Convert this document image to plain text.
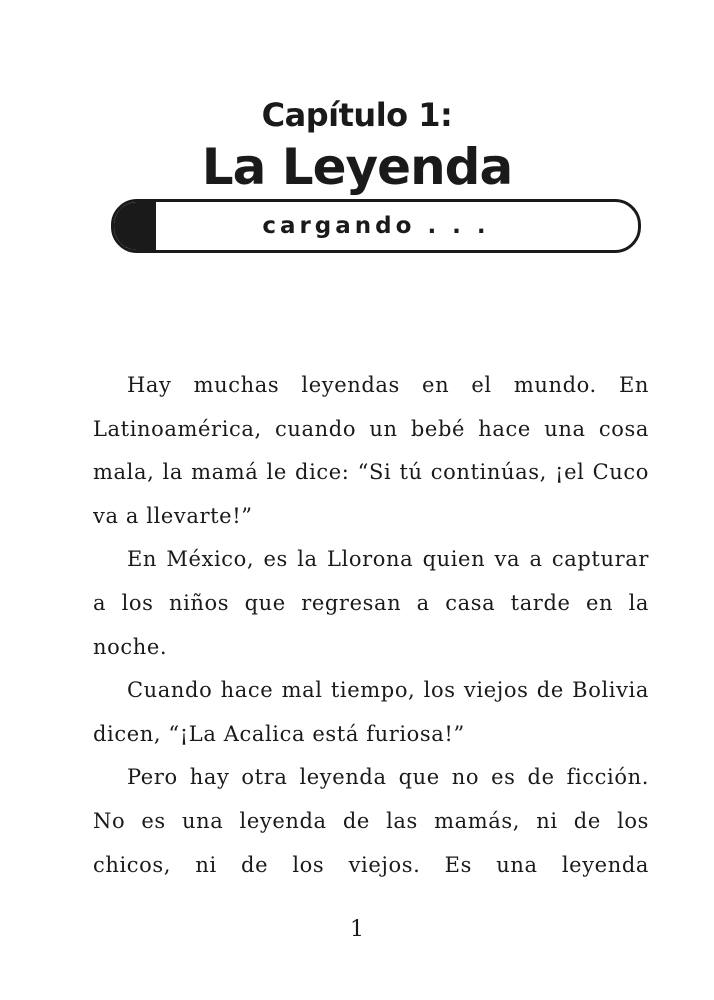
Capítulo 1:
La Leyenda
cargando . . .

Hay muchas leyendas en el mundo. En Latinoamérica, cuando un bebé hace una cosa mala, la mamá le dice: “Si tú continúas, ¡el Cuco va a llevarte!”

En México, es la Llorona quien va a capturar a los niños que regresan a casa tarde en la noche.

Cuando hace mal tiempo, los viejos de Bolivia dicen, “¡La Acalica está furiosa!”

Pero hay otra leyenda que no es de ficción. No es una leyenda de las mamás, ni de los chicos, ni de los viejos. Es una leyenda

1
